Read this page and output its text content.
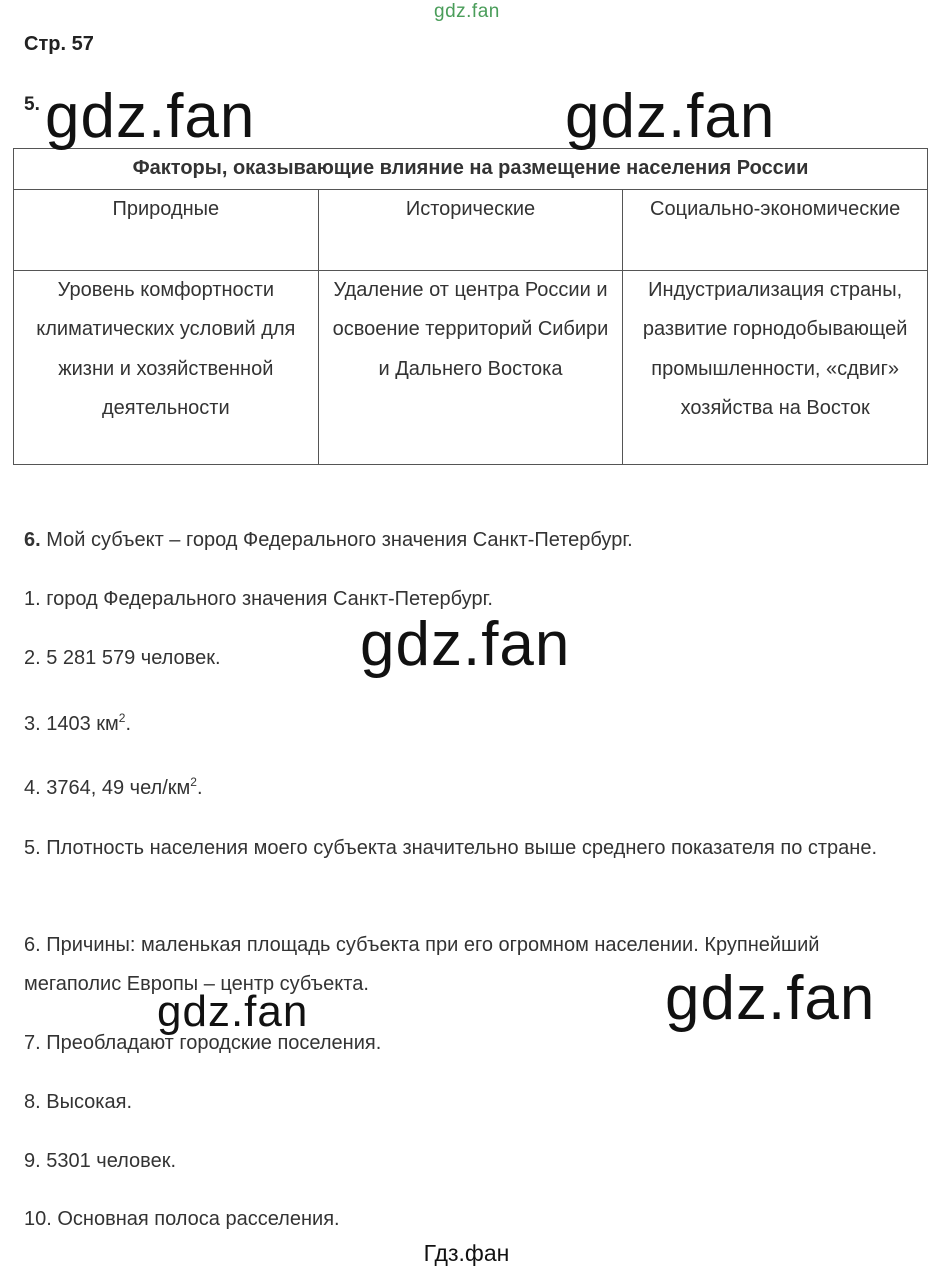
gdz.fan
Стр. 57
5.
Факторы, оказывающие влияние на размещение населения России		
Природные	Исторические	Социально-экономические
Уровень комфортности климатических условий для жизни и хозяйственной деятельности	Удаление от центра России и освоение территорий Сибири и Дальнего Востока	Индустриализация страны, развитие горнодобывающей промышленности, «сдвиг» хозяйства на Восток
6. Мой субъект – город Федерального значения Санкт-Петербург.
1. город Федерального значения Санкт-Петербург.
2. 5 281 579 человек.
3. 1403 $км^2$.
4. 3764, 49 чел/$км^2$.
5. Плотность населения моего субъекта значительно выше среднего показателя по стране.
6. Причины: маленькая площадь субъекта при его огромном населении. Крупнейший мегаполис Европы – центр субъекта.
7. Преобладают городские поселения.
8. Высокая.
9. 5301 человек.
10. Основная полоса расселения.
gdz.fan	gdz.fan
gdz.fan
gdz.fan
gdz.fan
Гдз.фан
